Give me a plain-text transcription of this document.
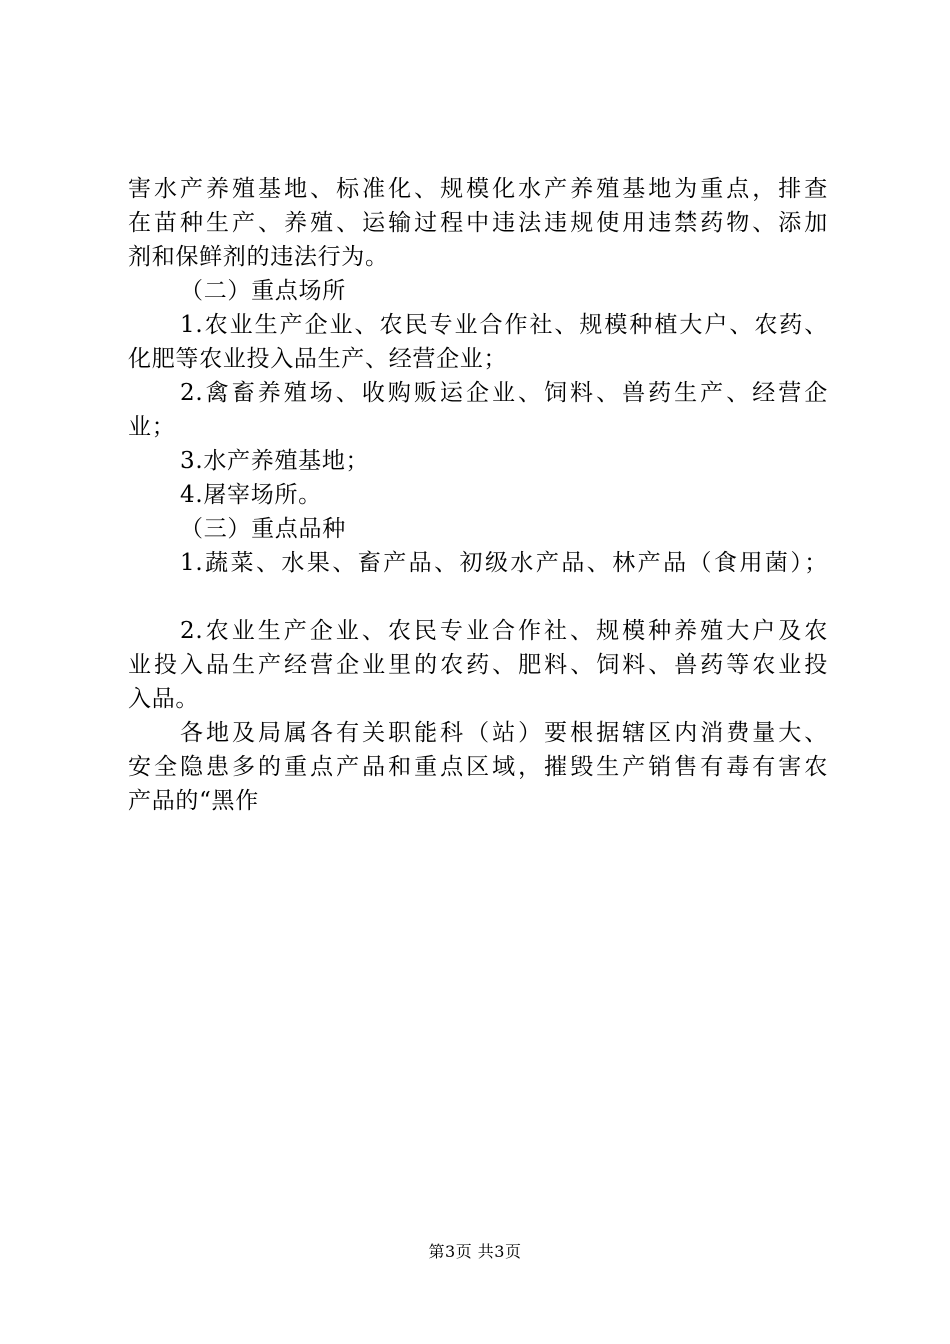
害水产养殖基地、标准化、规模化水产养殖基地为重点，排查
在苗种生产、养殖、运输过程中违法违规使用违禁药物、添加
剂和保鲜剂的违法行为。
（二）重点场所
1.农业生产企业、农民专业合作社、规模种植大户、农药、
化肥等农业投入品生产、经营企业；
2.禽畜养殖场、收购贩运企业、饲料、兽药生产、经营企
业；
3.水产养殖基地；
4.屠宰场所。
（三）重点品种
1.蔬菜、水果、畜产品、初级水产品、林产品（食用菌）；
2.农业生产企业、农民专业合作社、规模种养殖大户及农
业投入品生产经营企业里的农药、肥料、饲料、兽药等农业投
入品。
各地及局属各有关职能科（站）要根据辖区内消费量大、
安全隐患多的重点产品和重点区域，摧毁生产销售有毒有害农
产品的“黑作
第3页 共3页
